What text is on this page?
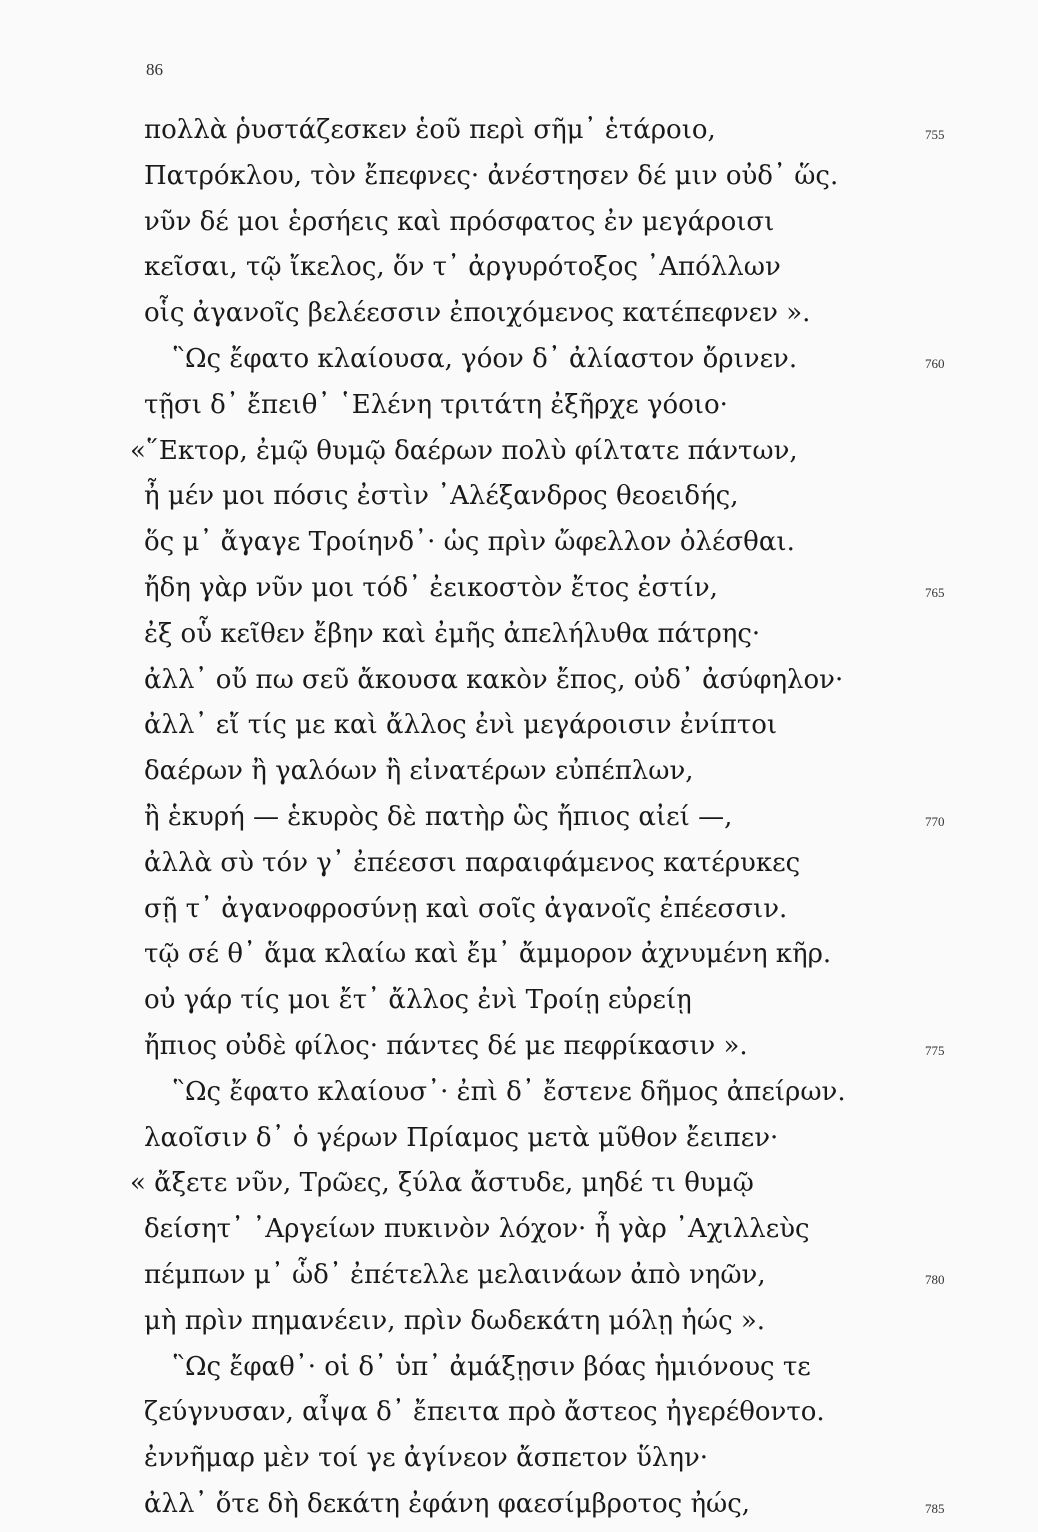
86
πολλὰ ῥυστάζεσκεν ἑοῦ περὶ σῆμ᾽ ἑτάροιο,	755
Πατρόκλου, τὸν ἔπεφνες· ἀνέστησεν δέ μιν οὐδ᾽ ὥς.
νῦν δέ μοι ἑρσήεις καὶ πρόσφατος ἐν μεγάροισι
κεῖσαι, τῷ ἴκελος, ὅν τ᾽ ἀργυρότοξος ᾽Απόλλων
οἷς ἀγανοῖς βελέεσσιν ἐποιχόμενος κατέπεφνεν ».
῝Ως ἔφατο κλαίουσα, γόον δ᾽ ἀλίαστον ὄρινεν.	760
τῇσι δ᾽ ἔπειθ᾽ ῾Ελένη τριτάτη ἐξῆρχε γόοιο·
«῞Εκτορ, ἐμῷ θυμῷ δαέρων πολὺ φίλτατε πάντων,
ἦ μέν μοι πόσις ἐστὶν ᾽Αλέξανδρος θεοειδής,
ὅς μ᾽ ἄγαγε Τροίηνδ᾽· ὡς πρὶν ὤφελλον ὀλέσθαι.
ἤδη γὰρ νῦν μοι τόδ᾽ ἐεικοστὸν ἔτος ἐστίν,	765
ἐξ οὗ κεῖθεν ἔβην καὶ ἐμῆς ἀπελήλυθα πάτρης·
ἀλλ᾽ οὔ πω σεῦ ἄκουσα κακὸν ἔπος, οὐδ᾽ ἀσύφηλον·
ἀλλ᾽ εἴ τίς με καὶ ἄλλος ἐνὶ μεγάροισιν ἐνίπτοι
δαέρων ἢ γαλόων ἢ εἰνατέρων εὐπέπλων,
ἢ ἑκυρή — ἑκυρὸς δὲ πατὴρ ὣς ἤπιος αἰεί —,	770
ἀλλὰ σὺ τόν γ᾽ ἐπέεσσι παραιφάμενος κατέρυκες
σῇ τ᾽ ἀγανοφροσύνῃ καὶ σοῖς ἀγανοῖς ἐπέεσσιν.
τῷ σέ θ᾽ ἅμα κλαίω καὶ ἔμ᾽ ἄμμορον ἀχνυμένη κῆρ.
οὐ γάρ τίς μοι ἔτ᾽ ἄλλος ἐνὶ Τροίῃ εὐρείῃ
ἤπιος οὐδὲ φίλος· πάντες δέ με πεφρίκασιν ».	775
῝Ως ἔφατο κλαίουσ᾽· ἐπὶ δ᾽ ἔστενε δῆμος ἀπείρων.
λαοῖσιν δ᾽ ὁ γέρων Πρίαμος μετὰ μῦθον ἔειπεν·
« ἄξετε νῦν, Τρῶες, ξύλα ἄστυδε, μηδέ τι θυμῷ
δείσητ᾽ ᾽Αργείων πυκινὸν λόχον· ἦ γὰρ ᾽Αχιλλεὺς
πέμπων μ᾽ ὧδ᾽ ἐπέτελλε μελαινάων ἀπὸ νηῶν,	780
μὴ πρὶν πημανέειν, πρὶν δωδεκάτη μόλῃ ἠώς ».
῝Ως ἔφαθ᾽· οἱ δ᾽ ὑπ᾽ ἀμάξῃσιν βόας ἡμιόνους τε
ζεύγνυσαν, αἶψα δ᾽ ἔπειτα πρὸ ἄστεος ἠγερέθοντο.
ἐννῆμαρ μὲν τοί γε ἀγίνεον ἄσπετον ὕλην·
ἀλλ᾽ ὅτε δὴ δεκάτη ἐφάνη φαεσίμβροτος ἠώς,	785
